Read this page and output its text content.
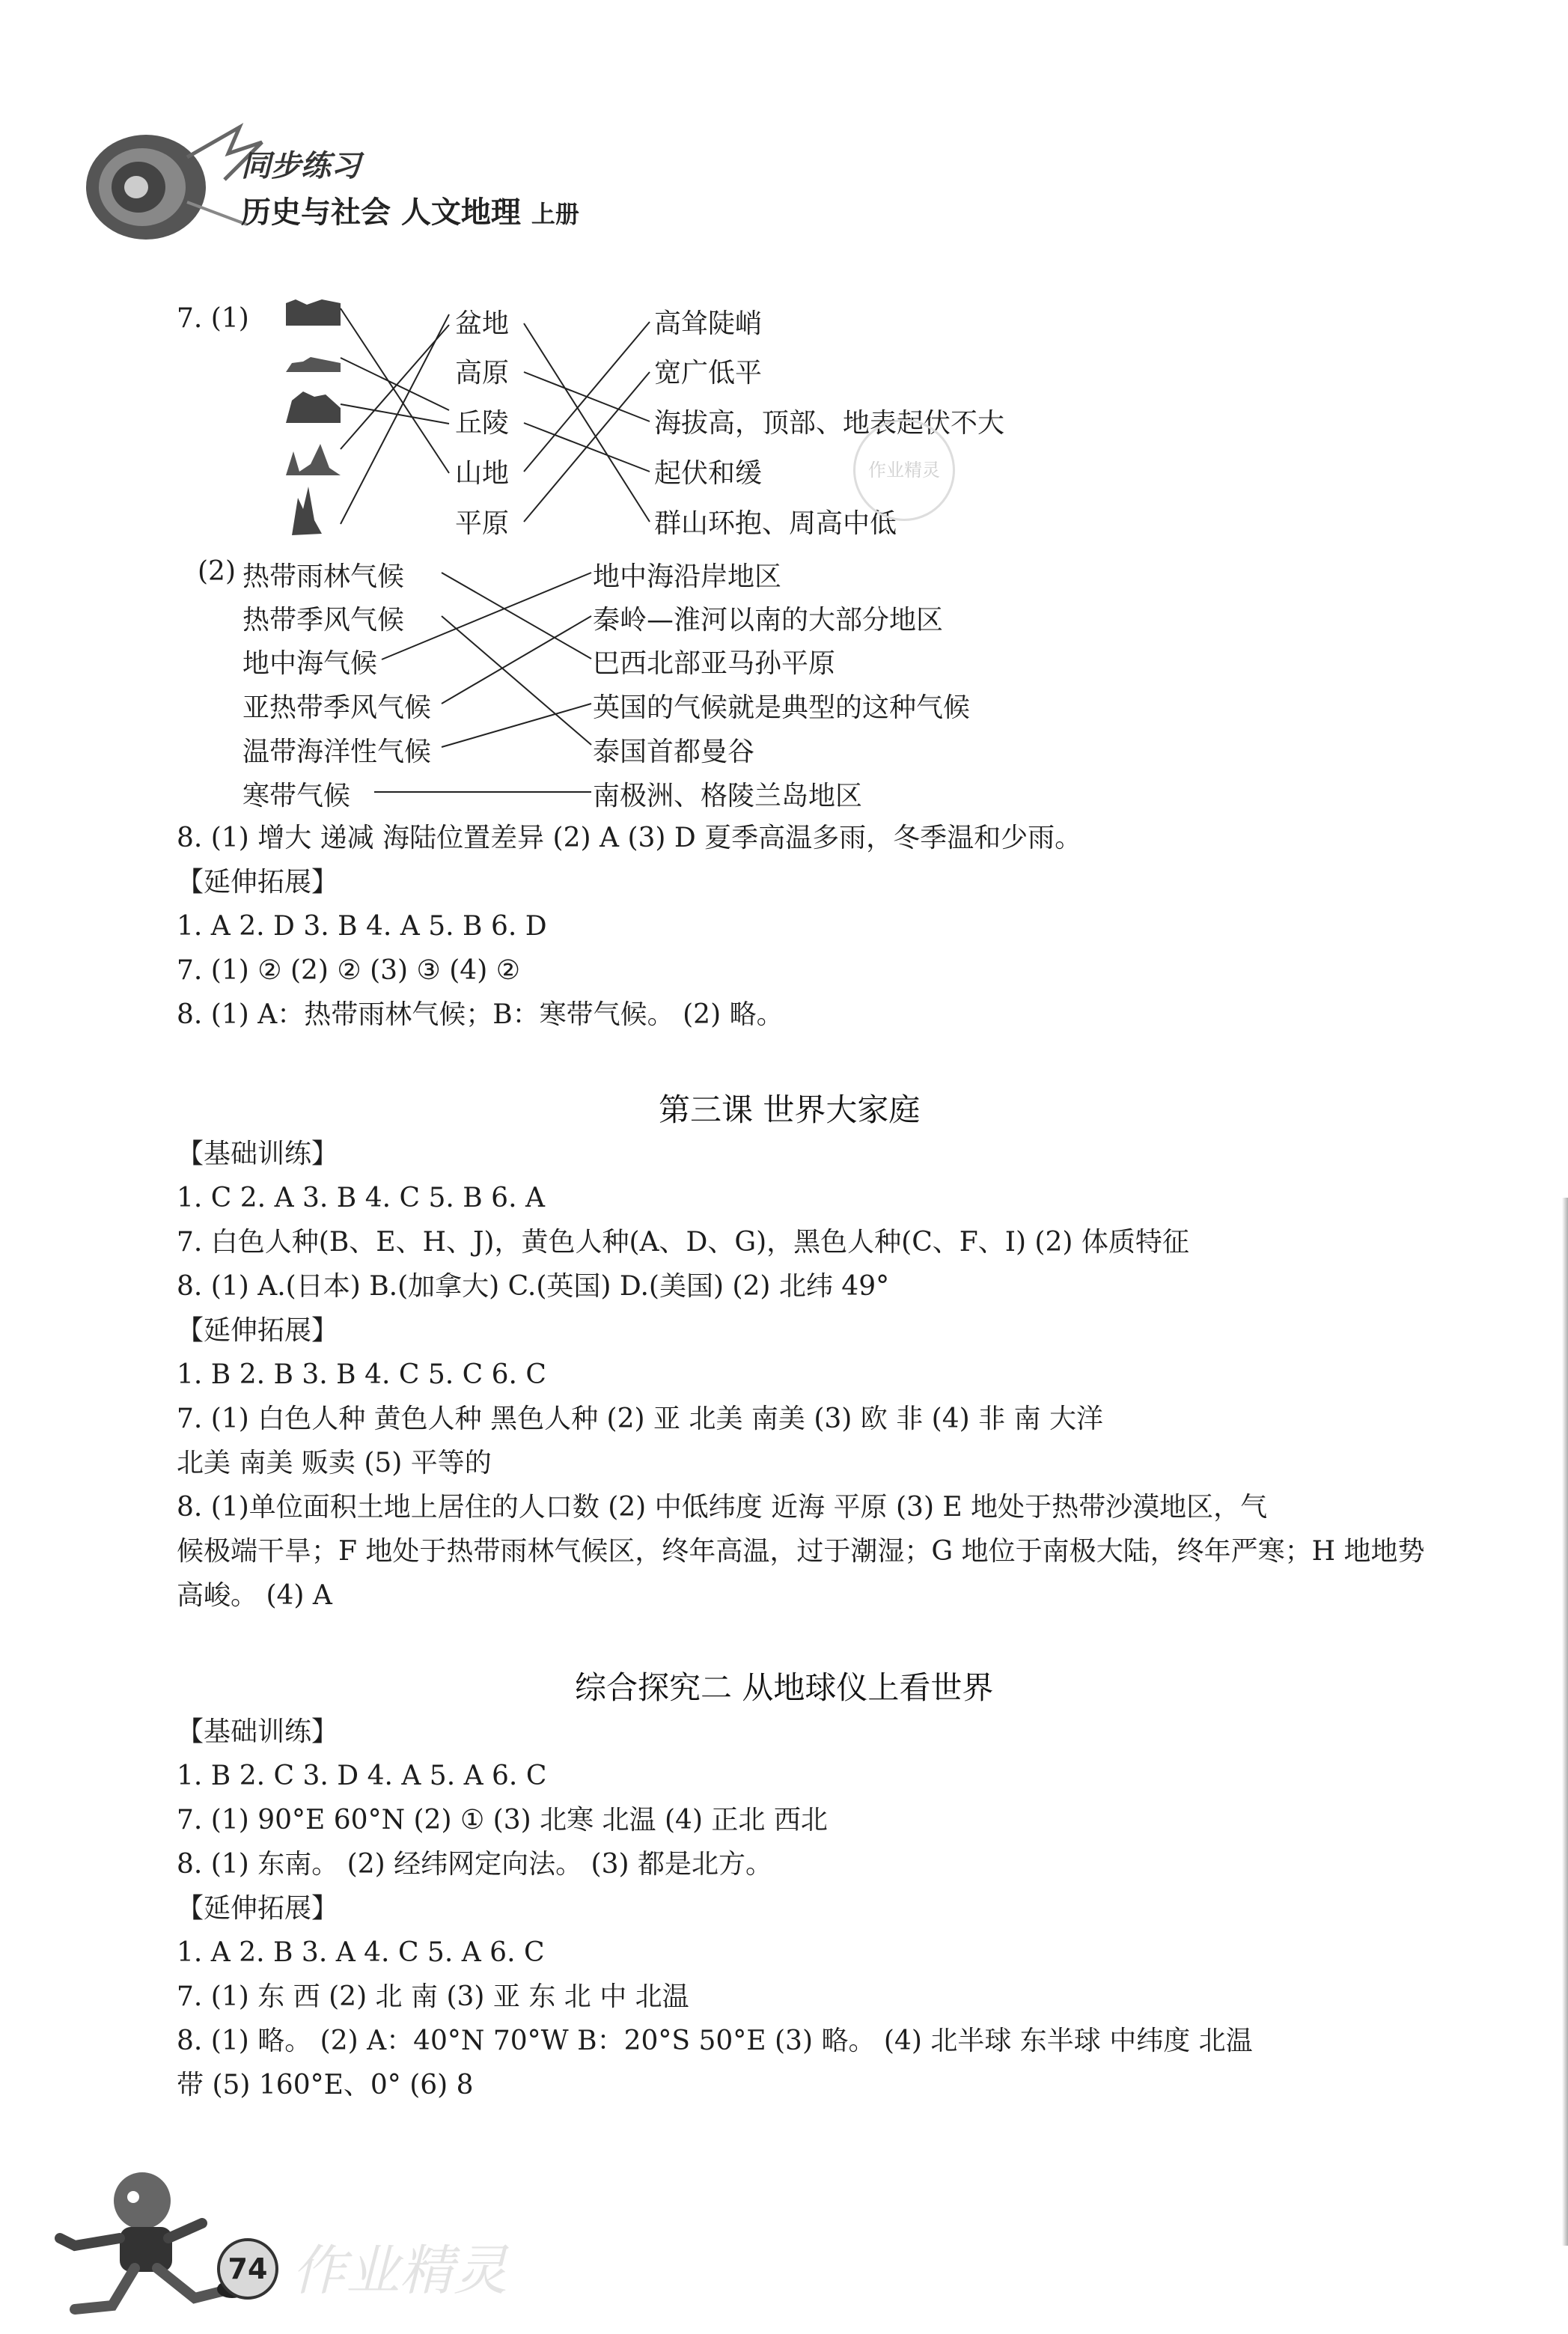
同步练习
历史与社会 人文地理 上册
7. (1)	盆地
高原
丘陵
山地
平原
高耸陡峭
宽广低平
海拔高，顶部、地表起伏不大
起伏和缓
群山环抱、周高中低
作业精灵
(2) 热带雨林气候
热带季风气候
地中海气候
亚热带季风气候
温带海洋性气候
寒带气候
地中海沿岸地区
秦岭—淮河以南的大部分地区
巴西北部亚马孙平原
英国的气候就是典型的这种气候
泰国首都曼谷
南极洲、格陵兰岛地区
8. (1) 增大 递减 海陆位置差异 (2) A (3) D 夏季高温多雨，冬季温和少雨。
【延伸拓展】
1. A 2. D 3. B 4. A 5. B 6. D
7. (1) ② (2) ② (3) ③ (4) ②
8. (1) A：热带雨林气候；B：寒带气候。 (2) 略。
第三课 世界大家庭
【基础训练】
1. C 2. A 3. B 4. C 5. B 6. A
7. 白色人种(B、E、H、J)，黄色人种(A、D、G)，黑色人种(C、F、I) (2) 体质特征
8. (1) A.(日本) B.(加拿大) C.(英国) D.(美国) (2) 北纬 49°
【延伸拓展】
1. B 2. B 3. B 4. C 5. C 6. C
7. (1) 白色人种 黄色人种 黑色人种 (2) 亚 北美 南美 (3) 欧 非 (4) 非 南 大洋
北美 南美 贩卖 (5) 平等的
8. (1)单位面积土地上居住的人口数 (2) 中低纬度 近海 平原 (3) E 地处于热带沙漠地区，气
候极端干旱；F 地处于热带雨林气候区，终年高温，过于潮湿；G 地位于南极大陆，终年严寒；H 地地势
高峻。 (4) A
综合探究二 从地球仪上看世界
【基础训练】
1. B 2. C 3. D 4. A 5. A 6. C
7. (1) 90°E 60°N (2) ① (3) 北寒 北温 (4) 正北 西北
8. (1) 东南。 (2) 经纬网定向法。 (3) 都是北方。
【延伸拓展】
1. A 2. B 3. A 4. C 5. A 6. C
7. (1) 东 西 (2) 北 南 (3) 亚 东 北 中 北温
8. (1) 略。 (2) A：40°N 70°W B：20°S 50°E (3) 略。 (4) 北半球 东半球 中纬度 北温
带 (5) 160°E、0° (6) 8
74 作业精灵
